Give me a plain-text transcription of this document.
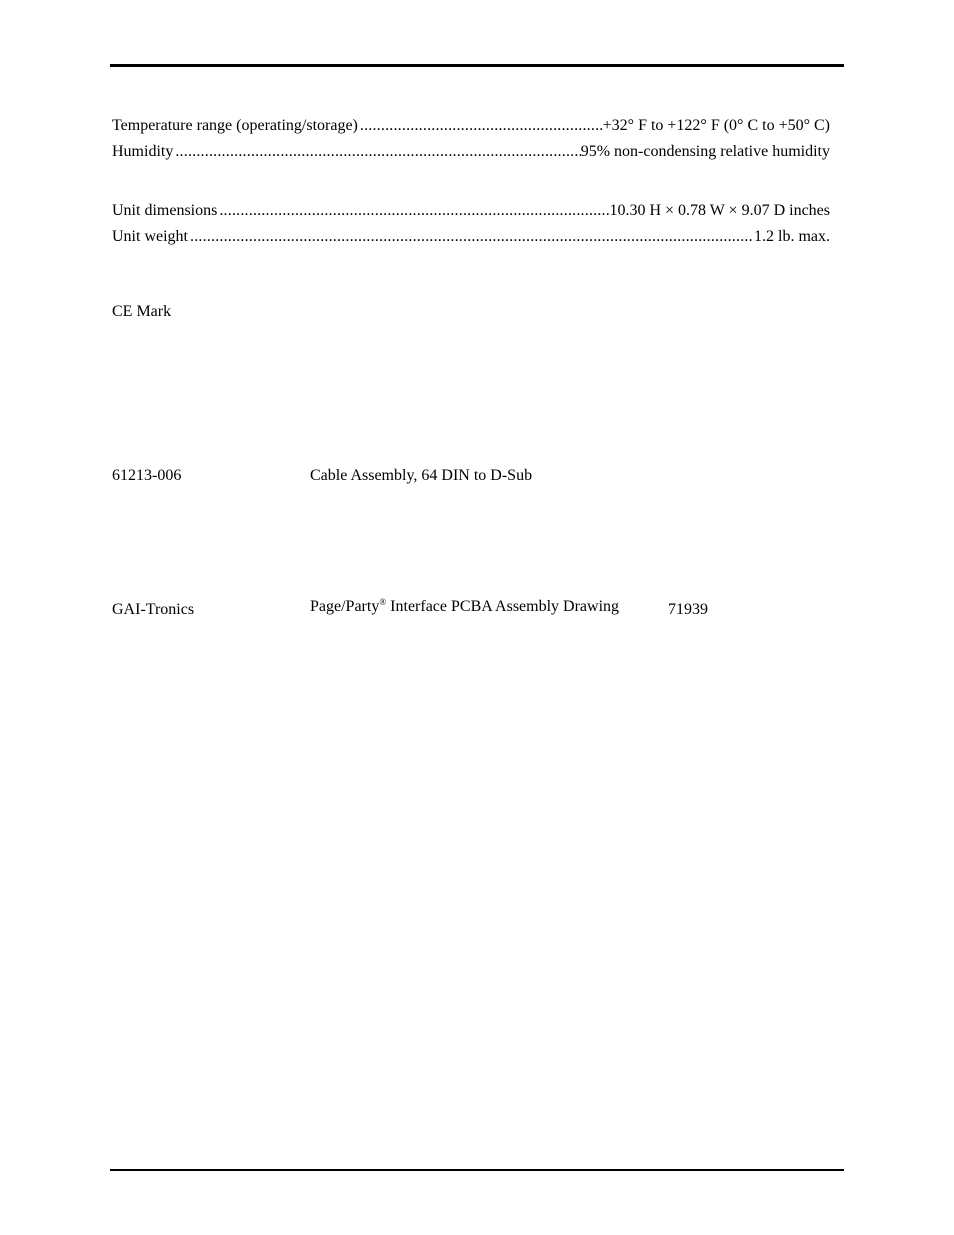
Temperature range (operating/storage) .....	+32° F to +122° F (0° C to +50° C)
Humidity .....	95% non-condensing relative humidity
Unit dimensions .....	10.30 H × 0.78 W × 9.07 D inches
Unit weight .....	1.2 lb. max.
CE Mark
61213-006	Cable Assembly, 64 DIN to D-Sub
GAI-Tronics	Page/Party® Interface PCBA Assembly Drawing	71939
